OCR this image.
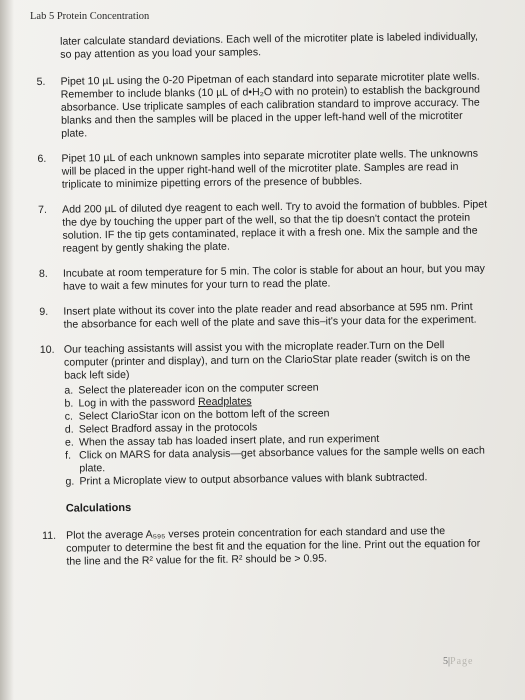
Lab 5 Protein Concentration

later calculate standard deviations. Each well of the microtiter plate is labeled individually, so pay attention as you load your samples.

5.	Pipet 10 µL using the 0-20 Pipetman of each standard into separate microtiter plate wells. Remember to include blanks (10 µL of d•H₂O with no protein) to establish the background absorbance. Use triplicate samples of each calibration standard to improve accuracy. The blanks and then the samples will be placed in the upper left-hand well of the microtiter plate.
6.	Pipet 10 µL of each unknown samples into separate microtiter plate wells. The unknowns will be placed in the upper right-hand well of the microtiter plate. Samples are read in triplicate to minimize pipetting errors of the presence of bubbles.
7.	Add 200 µL of diluted dye reagent to each well. Try to avoid the formation of bubbles. Pipet the dye by touching the upper part of the well, so that the tip doesn't contact the protein solution. IF the tip gets contaminated, replace it with a fresh one. Mix the sample and the reagent by gently shaking the plate.
8.	Incubate at room temperature for 5 min. The color is stable for about an hour, but you may have to wait a few minutes for your turn to read the plate.
9.	Insert plate without its cover into the plate reader and read absorbance at 595 nm. Print the absorbance for each well of the plate and save this–it's your data for the experiment.
10. Our teaching assistants will assist you with the microplate reader.Turn on the Dell computer (printer and display), and turn on the ClarioStar plate reader (switch is on the back left side)
a. Select the platereader icon on the computer screen
b. Log in with the password Readplates
c. Select ClarioStar icon on the bottom left of the screen
d. Select Bradford assay in the protocols
e. When the assay tab has loaded insert plate, and run experiment
f. Click on MARS for data analysis—get absorbance values for the sample wells on each plate.
g. Print a Microplate view to output absorbance values with blank subtracted.
Calculations
11. Plot the average A₅₉₅ verses protein concentration for each standard and use the computer to determine the best fit and the equation for the line. Print out the equation for the line and the R² value for the fit. R² should be > 0.95.
5|Page
